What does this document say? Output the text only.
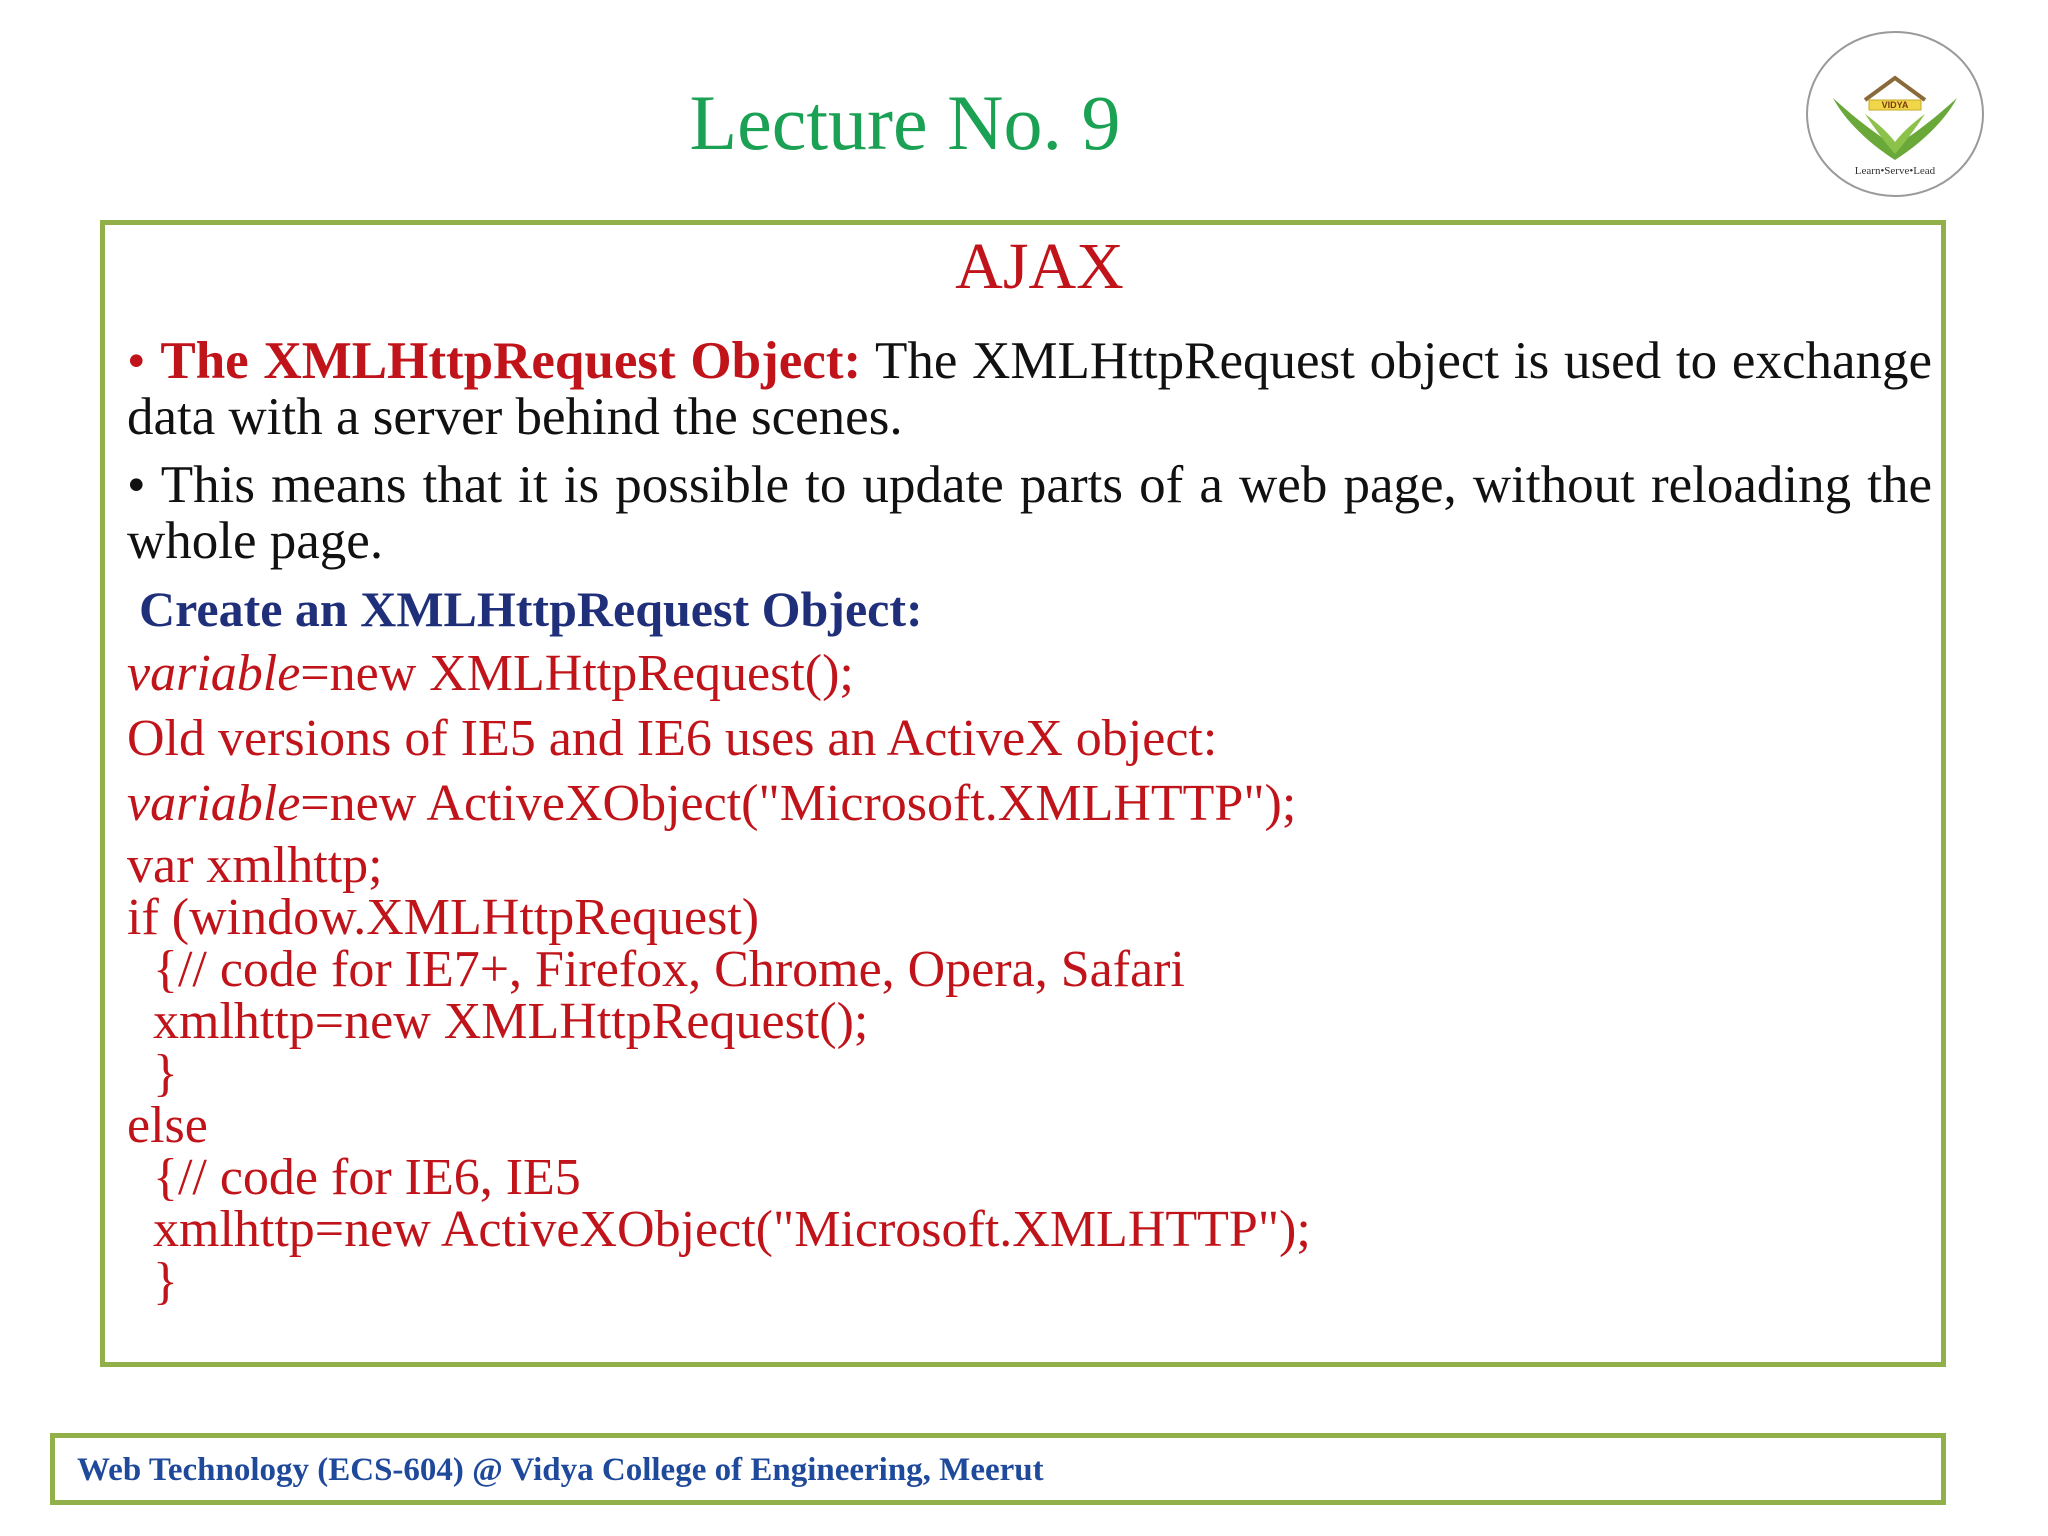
Lecture No. 9	VIDYA
Learn•Serve•Lead
AJAX
• The XMLHttpRequest Object: The XMLHttpRequest object is used to exchange data with a server behind the scenes.
• This means that it is possible to update parts of a web page, without reloading the whole page.
Create an XMLHttpRequest Object:
variable=new XMLHttpRequest();
Old versions of IE5 and IE6 uses an ActiveX object:
variable=new ActiveXObject("Microsoft.XMLHTTP");
var xmlhttp;
if (window.XMLHttpRequest)
{// code for IE7+, Firefox, Chrome, Opera, Safari
xmlhttp=new XMLHttpRequest();
}
else
{// code for IE6, IE5
xmlhttp=new ActiveXObject("Microsoft.XMLHTTP");
}
Web Technology (ECS-604) @ Vidya College of Engineering, Meerut
